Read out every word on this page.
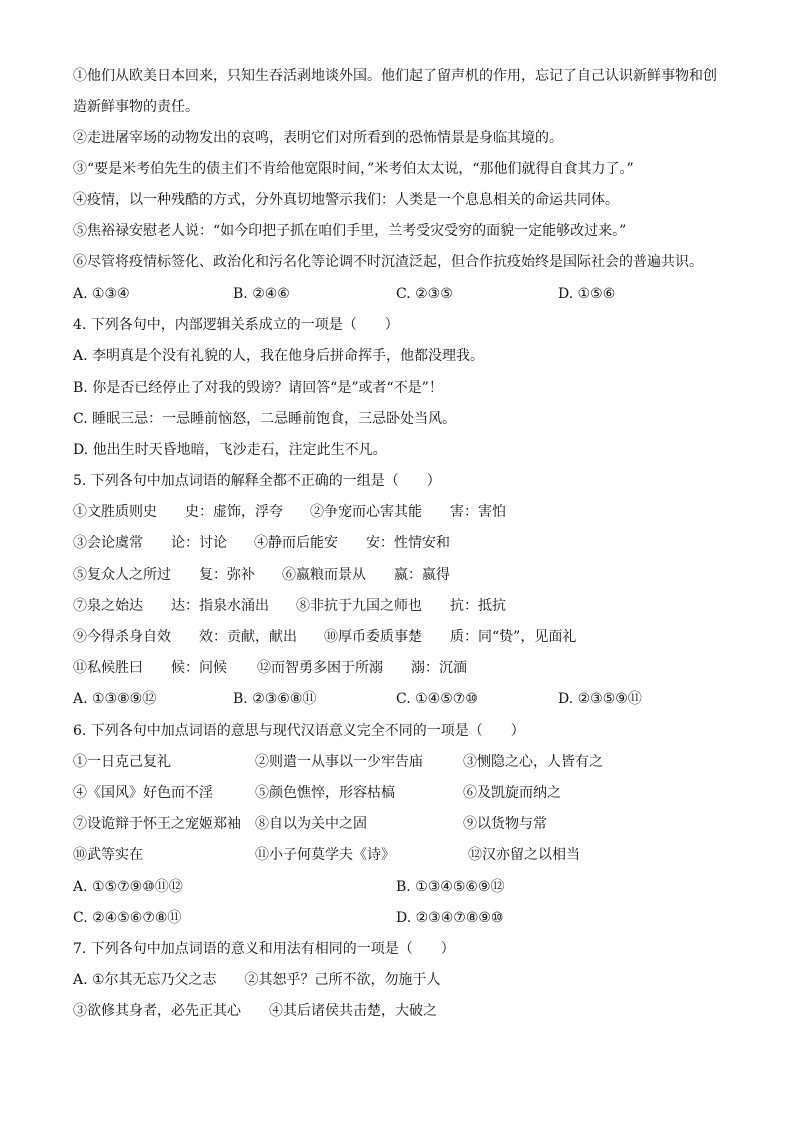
①他们从欧美日本回来，只知生吞活剥地谈外国。他们起了留声机的作用，忘记了自己认识新鲜事物和创
造新鲜事物的责任。
②走进屠宰场的动物发出的哀鸣，表明它们对所看到的恐怖情景是身临其境的。
③“要是米考伯先生的债主们不肯给他宽限时间，”米考伯太太说，“那他们就得自食其力了。”
④疫情，以一种残酷的方式，分外真切地警示我们：人类是一个息息相关的命运共同体。
⑤焦裕禄安慰老人说：“如今印把子抓在咱们手里，兰考受灾受穷的面貌一定能够改过来。”
⑥尽管将疫情标签化、政治化和污名化等论调不时沉渣泛起，但合作抗疫始终是国际社会的普遍共识。
A. ①③④	B. ②④⑥	C. ②③⑤	D. ①⑤⑥
4. 下列各句中，内部逻辑关系成立的一项是（　　）
A. 李明真是个没有礼貌的人，我在他身后拼命挥手，他都没理我。
B. 你是否已经停止了对我的毁谤？请回答“是”或者“不是”！
C. 睡眠三忌：一忌睡前恼怒，二忌睡前饱食，三忌卧处当风。
D. 他出生时天昏地暗，飞沙走石，注定此生不凡。
5. 下列各句中加点词语的解释全都不正确的一组是（　　）
①文胜质则史　　史：虚饰，浮夸 ②争宠而心害其能　　害：害怕
③会论虞常　　论：讨论 ④静而后能安　　安：性情安和
⑤复众人之所过　　复：弥补 ⑥嬴粮而景从　　嬴：嬴得
⑦泉之始达　　达：指泉水涌出 ⑧非抗于九国之师也　　抗：抵抗
⑨今得杀身自效　　效：贡献，献出 ⑩厚币委质事楚　　质：同“贽”，见面礼
⑪私候胜曰　　候：问候 ⑫而智勇多困于所溺　　溺：沉湎
A. ①③⑧⑨⑫	B. ②③⑥⑧⑪	C. ①④⑤⑦⑩	D. ②③⑤⑨⑪
6. 下列各句中加点词语的意思与现代汉语意义完全不同的一项是（　　）
①一日克己复礼	②则遣一从事以一少牢告庙	③恻隐之心，人皆有之
④《国风》好色而不淫	⑤颜色憔悴，形容枯槁	⑥及凯旋而纳之
⑦设诡辩于怀王之宠姬郑袖 ⑧自以为关中之固	⑨以货物与常
⑩武等实在	⑪小子何莫学夫《诗》	⑫汉亦留之以相当
A. ①⑤⑦⑨⑩⑪⑫	B. ①③④⑤⑥⑨⑫
C. ②④⑤⑥⑦⑧⑪	D. ②③④⑦⑧⑨⑩
7. 下列各句中加点词语的意义和用法有相同的一项是（　　）
A. ①尔其无忘乃父之志　　②其恕乎？己所不欲，勿施于人
③欲修其身者，必先正其心　　④其后诸侯共击楚，大破之
